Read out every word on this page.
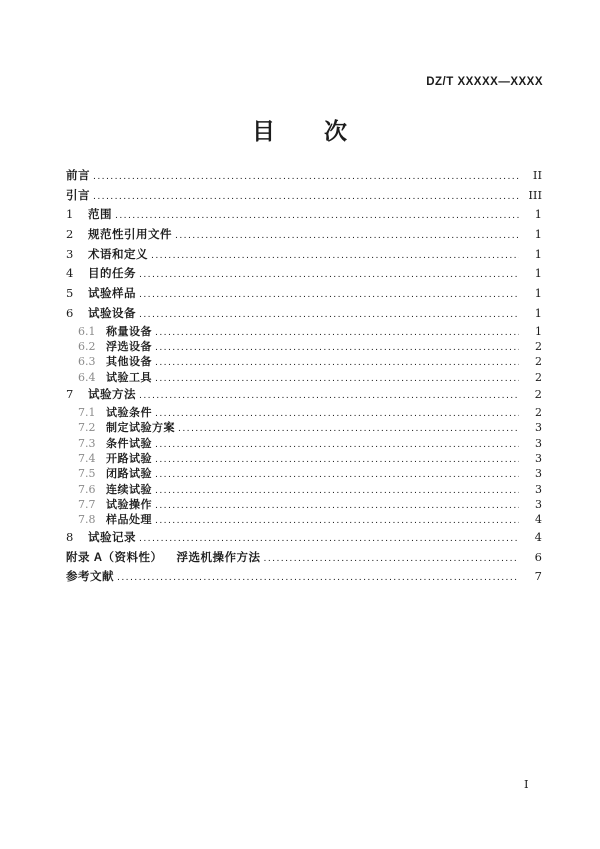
DZ/T XXXXX—XXXX
目　　次
前言 .....	II
引言 .....	III
1	范围 .....	1
2	规范性引用文件 .....	1
3	术语和定义 .....	1
4	目的任务 .....	1
5	试验样品 .....	1
6	试验设备 .....	1
6.1 称量设备 .....	1
6.2 浮选设备 .....	2
6.3 其他设备 .....	2
6.4 试验工具 .....	2
7	试验方法 .....	2
7.1 试验条件 .....	2
7.2 制定试验方案 .....	3
7.3 条件试验 .....	3
7.4 开路试验 .....	3
7.5 闭路试验 .....	3
7.6 连续试验 .....	3
7.7 试验操作 .....	3
7.8 样品处理 .....	4
8	试验记录 .....	4
附录 A（资料性） 浮选机操作方法 .....	6
参考文献 .....	7
I
